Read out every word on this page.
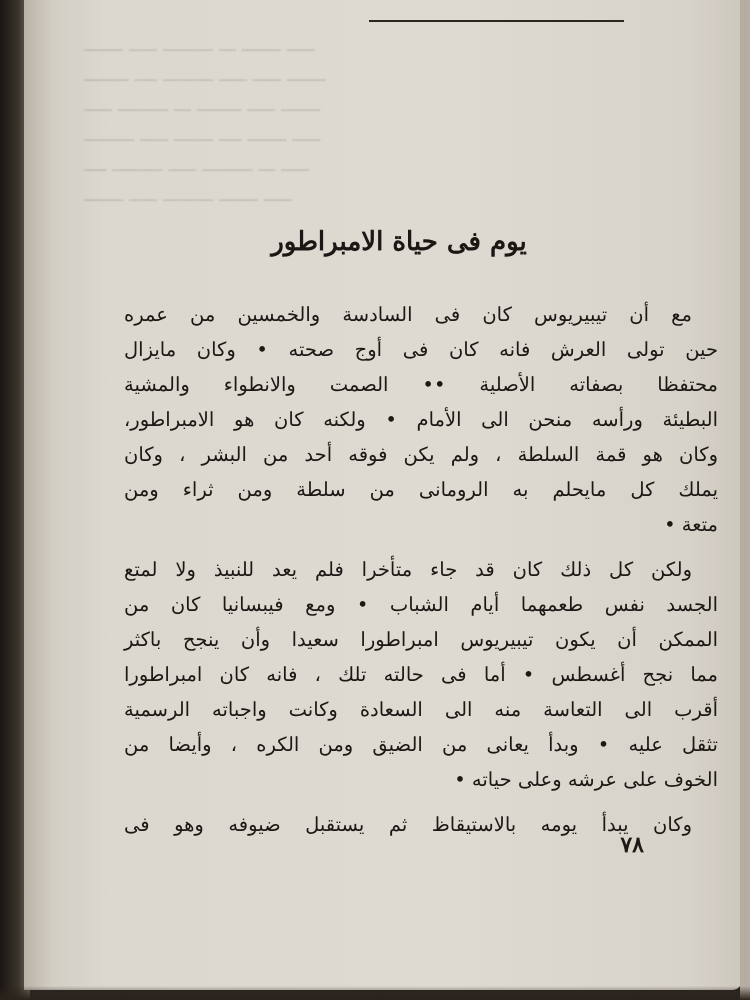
ـــــــ ـــــ ـــــــــ ـــ ـــــــ ـــــ
ــــــــ ــــ ـــــــــ ـــــ ـــــ ـــــــ
ـــــ ـــــــــ ـــ ــــــــ ـــــ ـــــــ
ـــــــــ ـــــ ـــــــ ــــ ـــــــ ـــــ
ــــ ـــــــــ ـــــ ـــــــــ ـــ ـــــ
ـــــــ ـــــ ـــــــــ ـــــــ ـــــ
يوم فى حياة الامبراطور
مع أن تيبيريوس كان فى السادسة والخمسين من عمره
حين تولى العرش فانه كان فى أوج صحته • وكان مايزال
محتفظا بصفاته الأصلية •• الصمت والانطواء والمشية
البطيئة ورأسه منحن الى الأمام • ولكنه كان هو الامبراطور،
وكان هو قمة السلطة ، ولم يكن فوقه أحد من البشر ، وكان
يملك كل مايحلم به الرومانى من سلطة ومن ثراء ومن
متعة •
ولكن كل ذلك كان قد جاء متأخرا فلم يعد للنبيذ ولا لمتع
الجسد نفس طعمهما أيام الشباب • ومع فيبسانيا كان من
الممكن أن يكون تيبيريوس امبراطورا سعيدا وأن ينجح باكثر
مما نجح أغسطس • أما فى حالته تلك ، فانه كان امبراطورا
أقرب الى التعاسة منه الى السعادة وكانت واجباته الرسمية
تثقل عليه • وبدأ يعانى من الضيق ومن الكره ، وأيضا من
الخوف على عرشه وعلى حياته •
وكان يبدأ يومه بالاستيقاظ ثم يستقبل ضيوفه وهو فى
٧٨
